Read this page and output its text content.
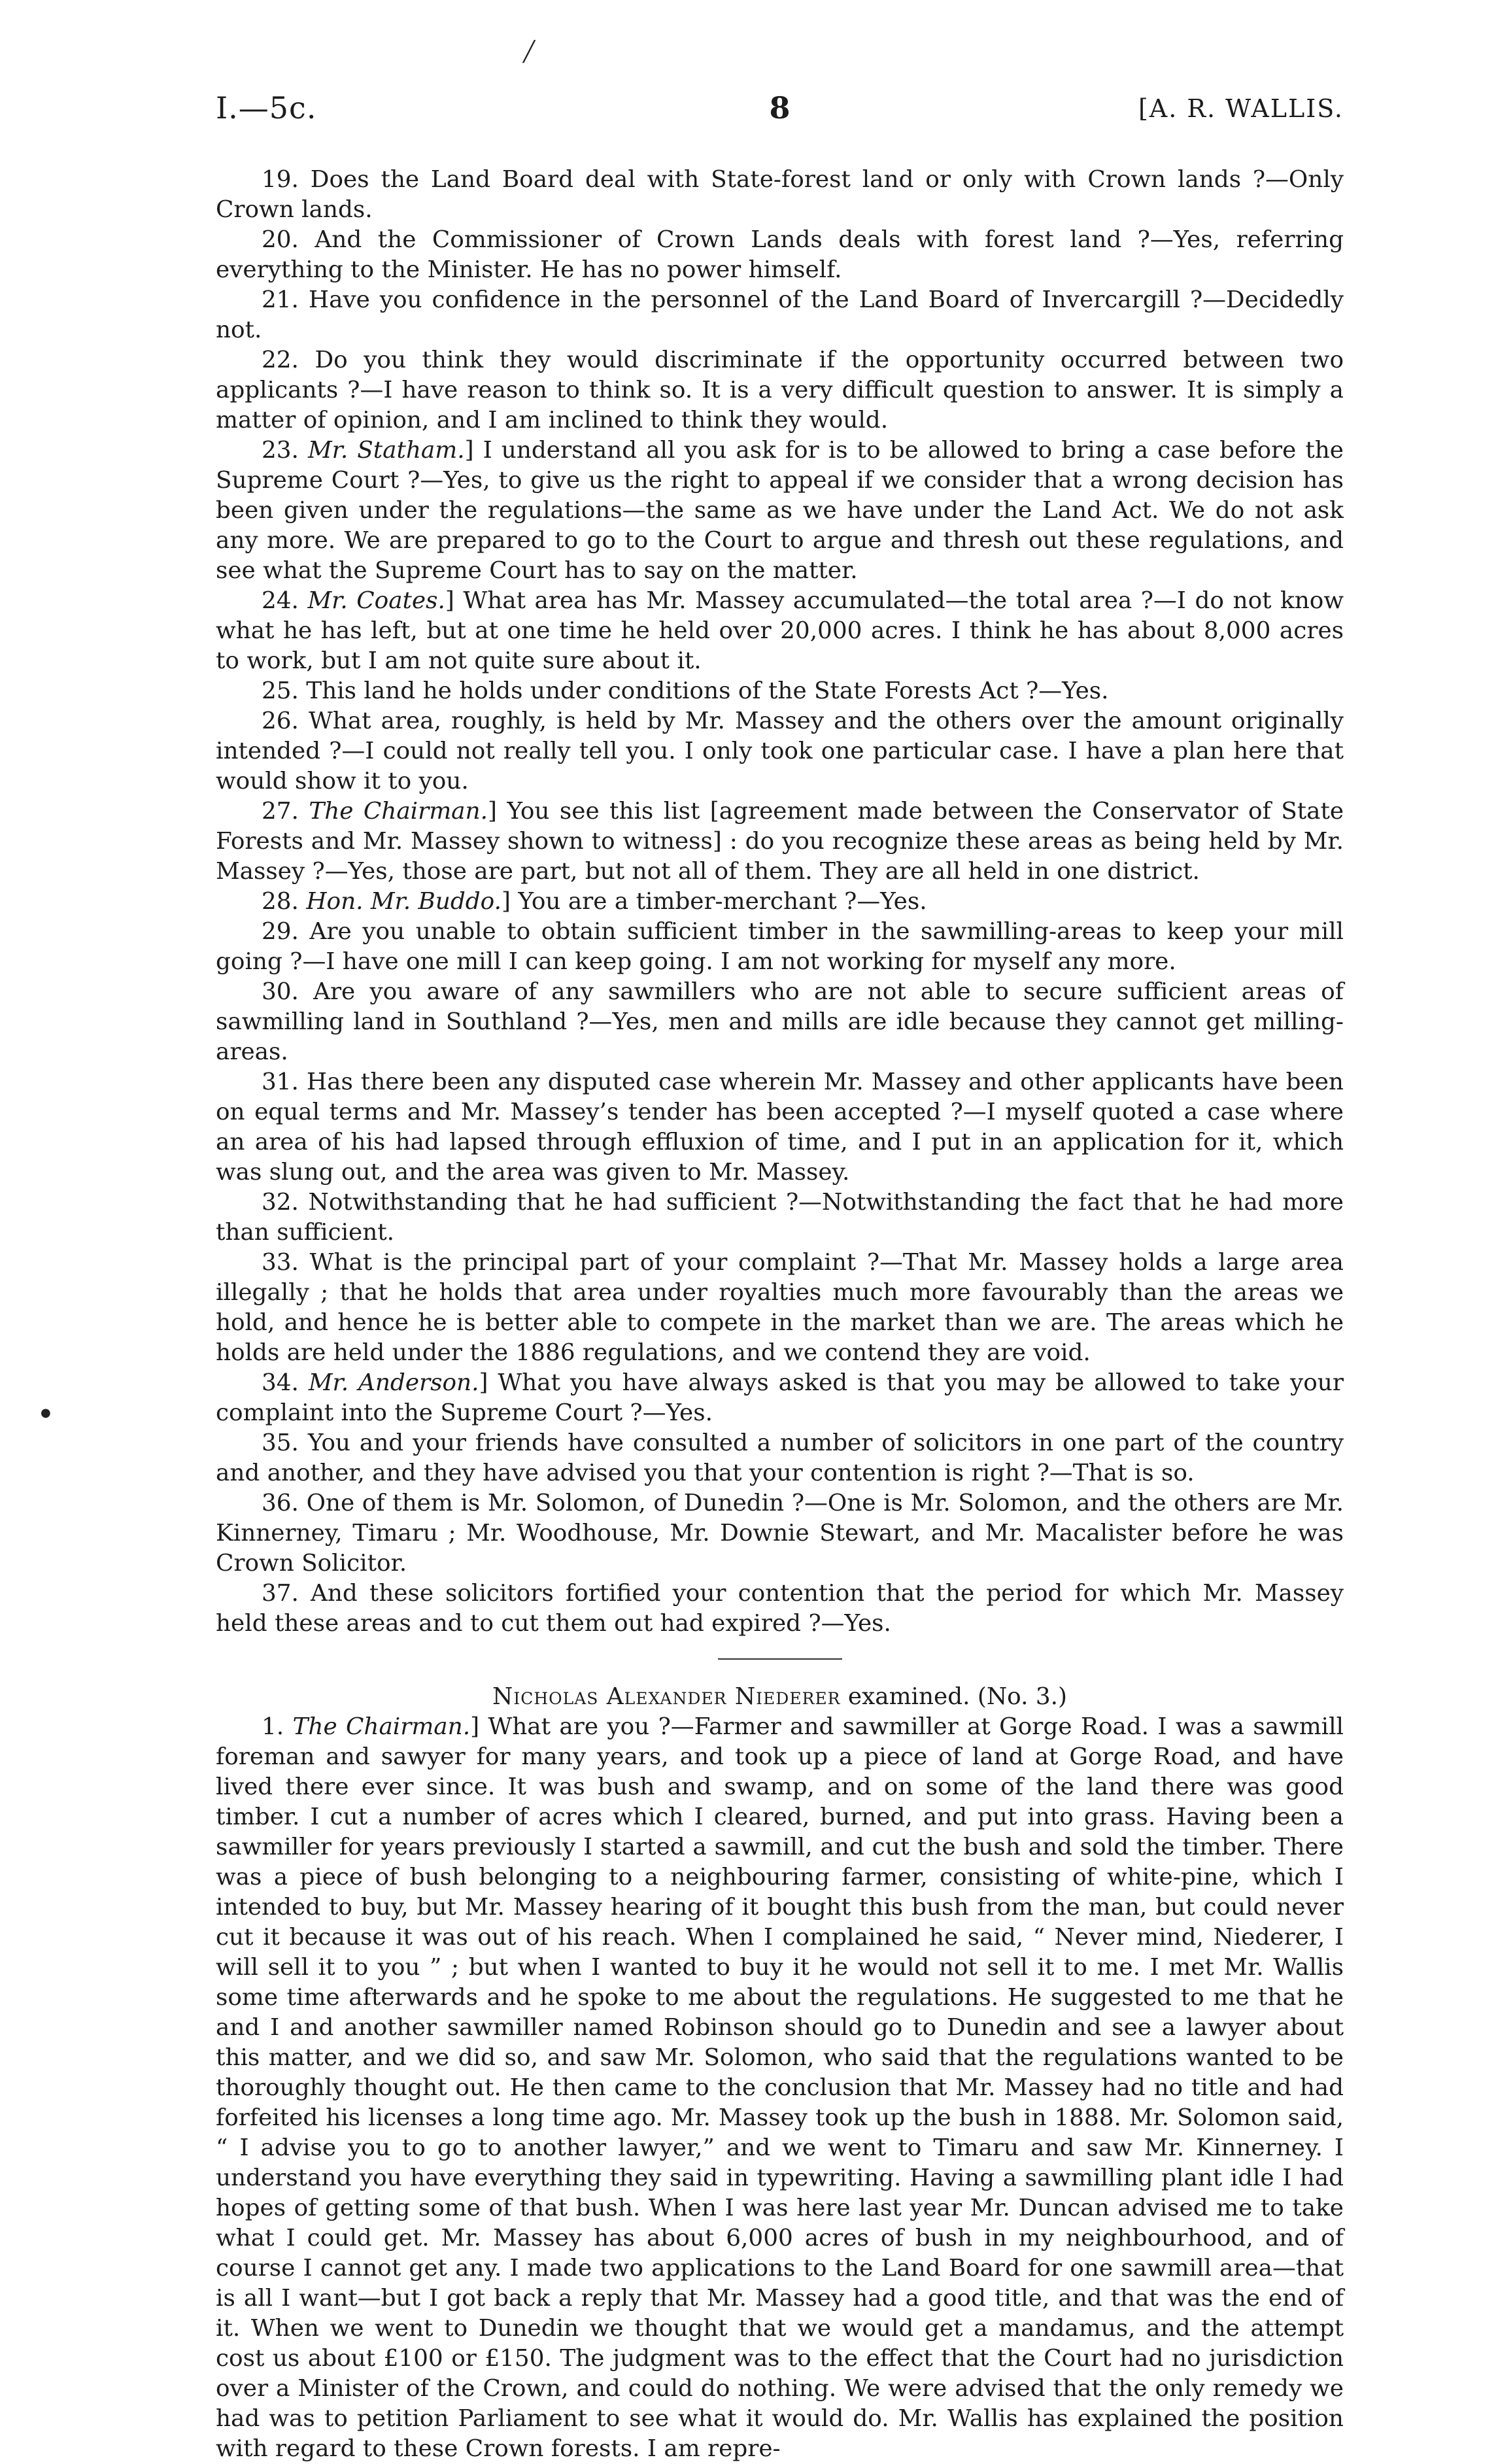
╱
●
I.—5c.	8	[A. R. WALLIS.

19. Does the Land Board deal with State-forest land or only with Crown lands ?—Only Crown lands.

20. And the Commissioner of Crown Lands deals with forest land ?—Yes, referring everything to the Minister. He has no power himself.

21. Have you confidence in the personnel of the Land Board of Invercargill ?—Decidedly not.

22. Do you think they would discriminate if the opportunity occurred between two applicants ?—I have reason to think so. It is a very difficult question to answer. It is simply a matter of opinion, and I am inclined to think they would.

23. Mr. Statham.] I understand all you ask for is to be allowed to bring a case before the Supreme Court ?—Yes, to give us the right to appeal if we consider that a wrong decision has been given under the regulations—the same as we have under the Land Act. We do not ask any more. We are prepared to go to the Court to argue and thresh out these regulations, and see what the Supreme Court has to say on the matter.

24. Mr. Coates.] What area has Mr. Massey accumulated—the total area ?—I do not know what he has left, but at one time he held over 20,000 acres. I think he has about 8,000 acres to work, but I am not quite sure about it.

25. This land he holds under conditions of the State Forests Act ?—Yes.

26. What area, roughly, is held by Mr. Massey and the others over the amount originally intended ?—I could not really tell you. I only took one particular case. I have a plan here that would show it to you.

27. The Chairman.] You see this list [agreement made between the Conservator of State Forests and Mr. Massey shown to witness] : do you recognize these areas as being held by Mr. Massey ?—Yes, those are part, but not all of them. They are all held in one district.

28. Hon. Mr. Buddo.] You are a timber-merchant ?—Yes.

29. Are you unable to obtain sufficient timber in the sawmilling-areas to keep your mill going ?—I have one mill I can keep going. I am not working for myself any more.

30. Are you aware of any sawmillers who are not able to secure sufficient areas of sawmilling land in Southland ?—Yes, men and mills are idle because they cannot get milling-areas.

31. Has there been any disputed case wherein Mr. Massey and other applicants have been on equal terms and Mr. Massey’s tender has been accepted ?—I myself quoted a case where an area of his had lapsed through effluxion of time, and I put in an application for it, which was slung out, and the area was given to Mr. Massey.

32. Notwithstanding that he had sufficient ?—Notwithstanding the fact that he had more than sufficient.

33. What is the principal part of your complaint ?—That Mr. Massey holds a large area illegally ; that he holds that area under royalties much more favourably than the areas we hold, and hence he is better able to compete in the market than we are. The areas which he holds are held under the 1886 regulations, and we contend they are void.

34. Mr. Anderson.] What you have always asked is that you may be allowed to take your complaint into the Supreme Court ?—Yes.

35. You and your friends have consulted a number of solicitors in one part of the country and another, and they have advised you that your contention is right ?—That is so.

36. One of them is Mr. Solomon, of Dunedin ?—One is Mr. Solomon, and the others are Mr. Kinnerney, Timaru ; Mr. Woodhouse, Mr. Downie Stewart, and Mr. Macalister before he was Crown Solicitor.

37. And these solicitors fortified your contention that the period for which Mr. Massey held these areas and to cut them out had expired ?—Yes.

Nicholas Alexander Niederer examined. (No. 3.)

1. The Chairman.] What are you ?—Farmer and sawmiller at Gorge Road. I was a sawmill foreman and sawyer for many years, and took up a piece of land at Gorge Road, and have lived there ever since. It was bush and swamp, and on some of the land there was good timber. I cut a number of acres which I cleared, burned, and put into grass. Having been a sawmiller for years previously I started a sawmill, and cut the bush and sold the timber. There was a piece of bush belonging to a neighbouring farmer, consisting of white-pine, which I intended to buy, but Mr. Massey hearing of it bought this bush from the man, but could never cut it because it was out of his reach. When I complained he said, “ Never mind, Niederer, I will sell it to you ” ; but when I wanted to buy it he would not sell it to me. I met Mr. Wallis some time afterwards and he spoke to me about the regulations. He suggested to me that he and I and another sawmiller named Robinson should go to Dunedin and see a lawyer about this matter, and we did so, and saw Mr. Solomon, who said that the regulations wanted to be thoroughly thought out. He then came to the conclusion that Mr. Massey had no title and had forfeited his licenses a long time ago. Mr. Massey took up the bush in 1888. Mr. Solomon said, “ I advise you to go to another lawyer,” and we went to Timaru and saw Mr. Kinnerney. I understand you have everything they said in typewriting. Having a sawmilling plant idle I had hopes of getting some of that bush. When I was here last year Mr. Duncan advised me to take what I could get. Mr. Massey has about 6,000 acres of bush in my neighbourhood, and of course I cannot get any. I made two applications to the Land Board for one sawmill area—that is all I want—but I got back a reply that Mr. Massey had a good title, and that was the end of it. When we went to Dunedin we thought that we would get a mandamus, and the attempt cost us about £100 or £150. The judgment was to the effect that the Court had no jurisdiction over a Minister of the Crown, and could do nothing. We were advised that the only remedy we had was to petition Parliament to see what it would do. Mr. Wallis has explained the position with regard to these Crown forests. I am repre-
